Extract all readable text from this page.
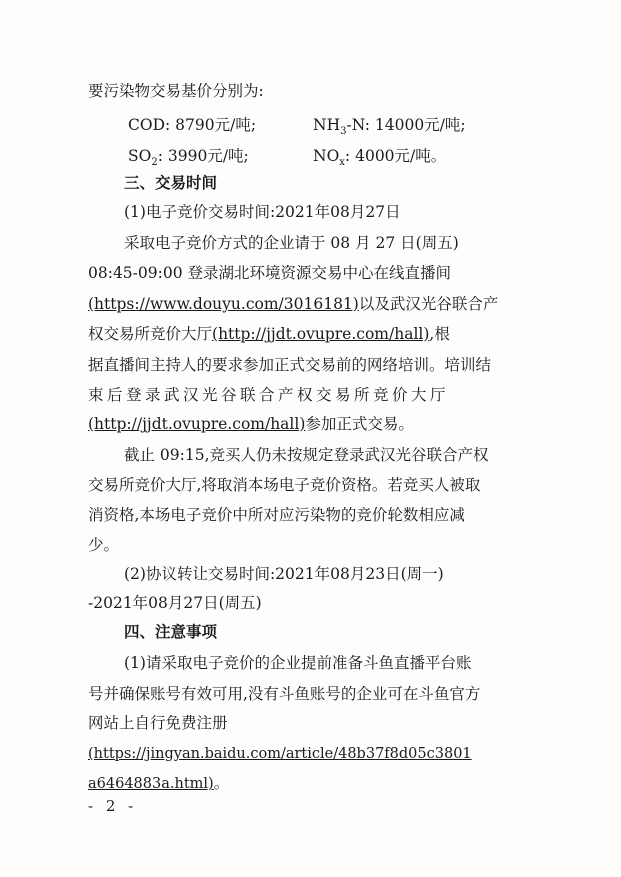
要污染物交易基价分别为:
COD: 8790元/吨;	$NH_3-N$: 14000元/吨;
$SO_2$: 3990元/吨;	$NO_x$: 4000元/吨。
三、交易时间
(1)电子竞价交易时间:2021年08月27日
采取电子竞价方式的企业请于 08 月 27 日(周五)
08:45-09:00 登录湖北环境资源交易中心在线直播间
(https://www.douyu.com/3016181)以及武汉光谷联合产
权交易所竞价大厅(http://jjdt.ovupre.com/hall),根
据直播间主持人的要求参加正式交易前的网络培训。培训结
束后登录武汉光谷联合产权交易所竞价大厅
(http://jjdt.ovupre.com/hall)参加正式交易。
截止 09:15,竞买人仍未按规定登录武汉光谷联合产权
交易所竞价大厅,将取消本场电子竞价资格。若竞买人被取
消资格,本场电子竞价中所对应污染物的竞价轮数相应减
少。
(2)协议转让交易时间:2021年08月23日(周一)
-2021年08月27日(周五)
四、注意事项
(1)请采取电子竞价的企业提前准备斗鱼直播平台账
号并确保账号有效可用,没有斗鱼账号的企业可在斗鱼官方
网站上自行免费注册
(https://jingyan.baidu.com/article/48b37f8d05c3801
a6464883a.html)。
- 2 -
